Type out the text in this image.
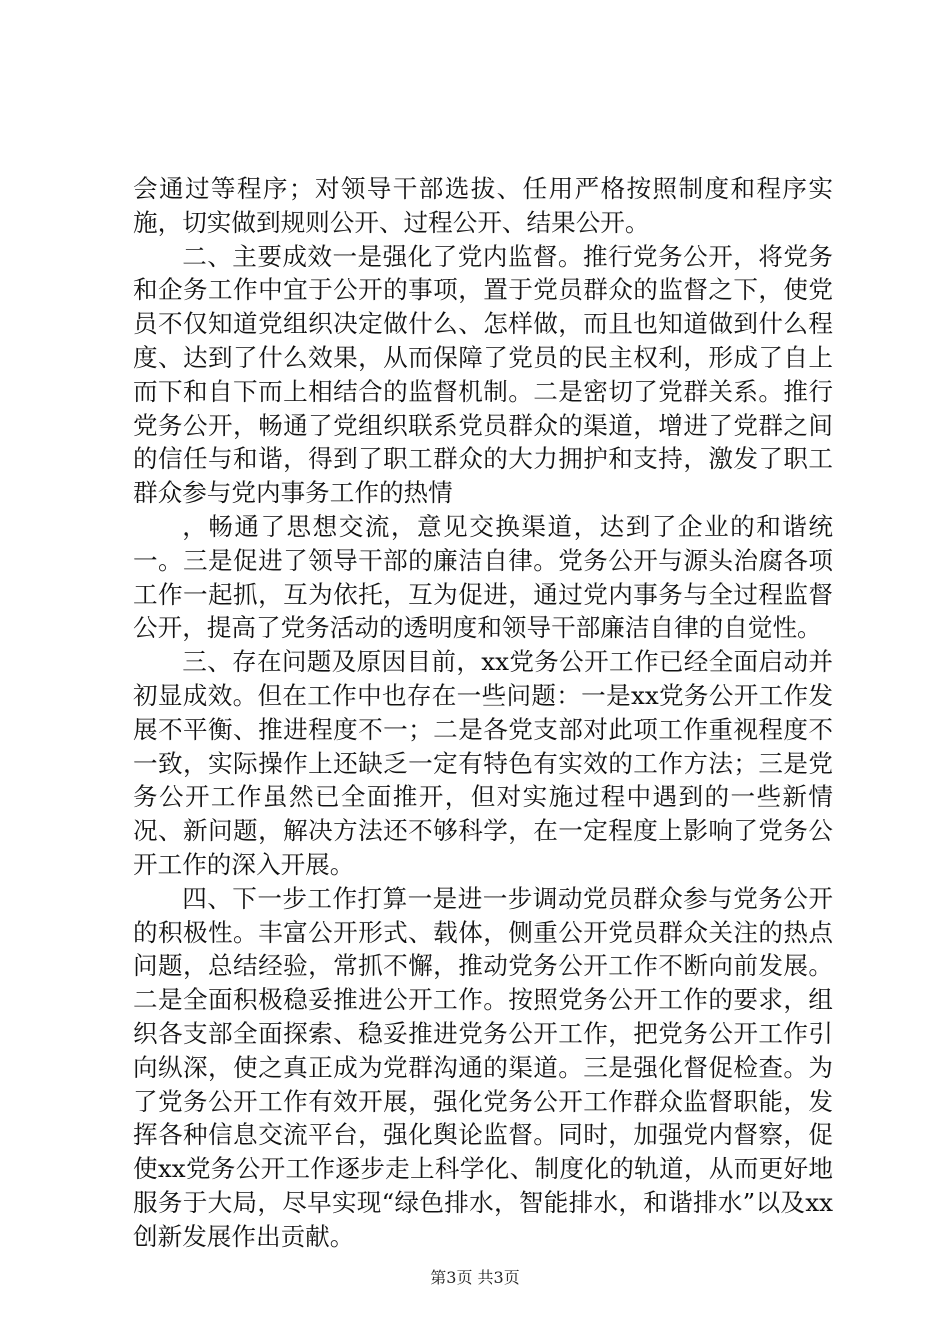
会通过等程序；对领导干部选拔、任用严格按照制度和程序实施，切实做到规则公开、过程公开、结果公开。

二、主要成效一是强化了党内监督。推行党务公开，将党务和企务工作中宜于公开的事项，置于党员群众的监督之下，使党员不仅知道党组织决定做什么、怎样做，而且也知道做到什么程度、达到了什么效果，从而保障了党员的民主权利，形成了自上而下和自下而上相结合的监督机制。二是密切了党群关系。推行党务公开，畅通了党组织联系党员群众的渠道，增进了党群之间的信任与和谐，得到了职工群众的大力拥护和支持，激发了职工群众参与党内事务工作的热情

，畅通了思想交流，意见交换渠道，达到了企业的和谐统一。三是促进了领导干部的廉洁自律。党务公开与源头治腐各项工作一起抓，互为依托，互为促进，通过党内事务与全过程监督公开，提高了党务活动的透明度和领导干部廉洁自律的自觉性。

三、存在问题及原因目前，xx党务公开工作已经全面启动并初显成效。但在工作中也存在一些问题：一是xx党务公开工作发展不平衡、推进程度不一；二是各党支部对此项工作重视程度不一致，实际操作上还缺乏一定有特色有实效的工作方法；三是党务公开工作虽然已全面推开，但对实施过程中遇到的一些新情况、新问题，解决方法还不够科学，在一定程度上影响了党务公开工作的深入开展。

四、下一步工作打算一是进一步调动党员群众参与党务公开的积极性。丰富公开形式、载体，侧重公开党员群众关注的热点问题，总结经验，常抓不懈，推动党务公开工作不断向前发展。二是全面积极稳妥推进公开工作。按照党务公开工作的要求，组织各支部全面探索、稳妥推进党务公开工作，把党务公开工作引向纵深，使之真正成为党群沟通的渠道。三是强化督促检查。为了党务公开工作有效开展，强化党务公开工作群众监督职能，发挥各种信息交流平台，强化舆论监督。同时，加强党内督察，促使xx党务公开工作逐步走上科学化、制度化的轨道，从而更好地服务于大局，尽早实现“绿色排水，智能排水，和谐排水”以及xx创新发展作出贡献。

第3页 共3页
